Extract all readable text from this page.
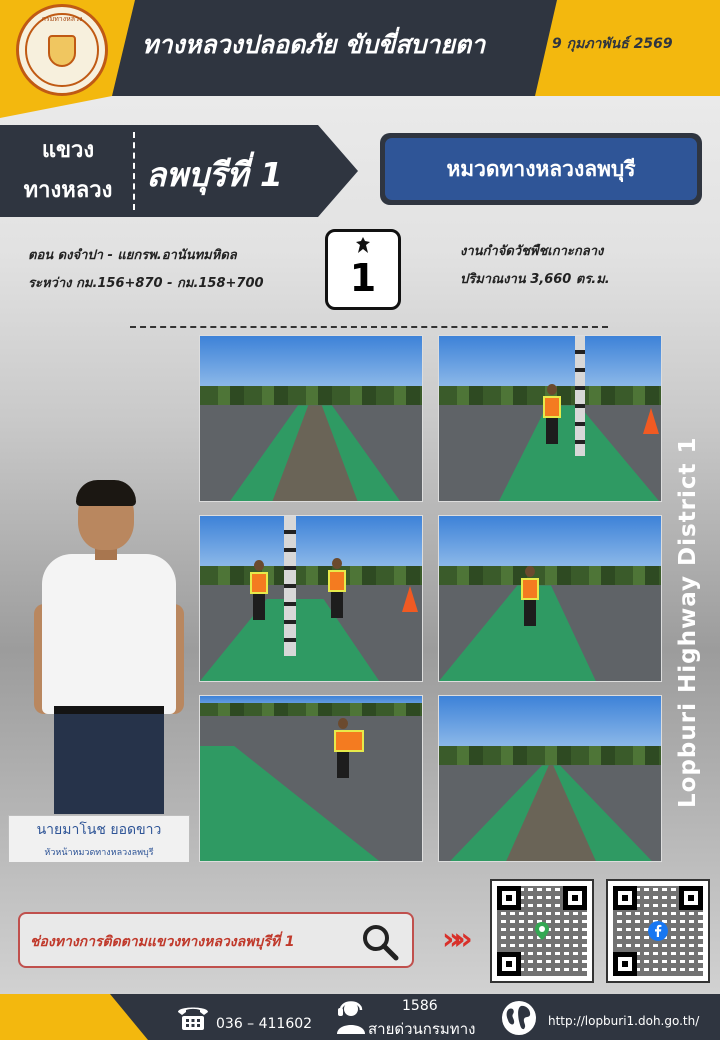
กรมทางหลวง
ทางหลวงปลอดภัย ขับขี่สบายตา	9 กุมภาพันธ์ 2569
แขวง
ทางหลวง	ลพบุรีที่ 1	หมวดทางหลวงลพบุรี
ตอน ดงจำปา - แยกรพ.อานันทมหิดล
ระหว่าง กม.156+870 - กม.158+700	1
งานกำจัดวัชพืชเกาะกลาง
ปริมาณงาน 3,660 ตร.ม.
Lopburi Highway District 1
นายมาโนช ยอดขาว
หัวหน้าหมวดทางหลวงลพบุรี
ช่องทางการติดตามแขวงทางหลวงลพบุรีที่ 1	»»
036 – 411602
1586
สายด่วนกรมทาง	http://lopburi1.doh.go.th/
